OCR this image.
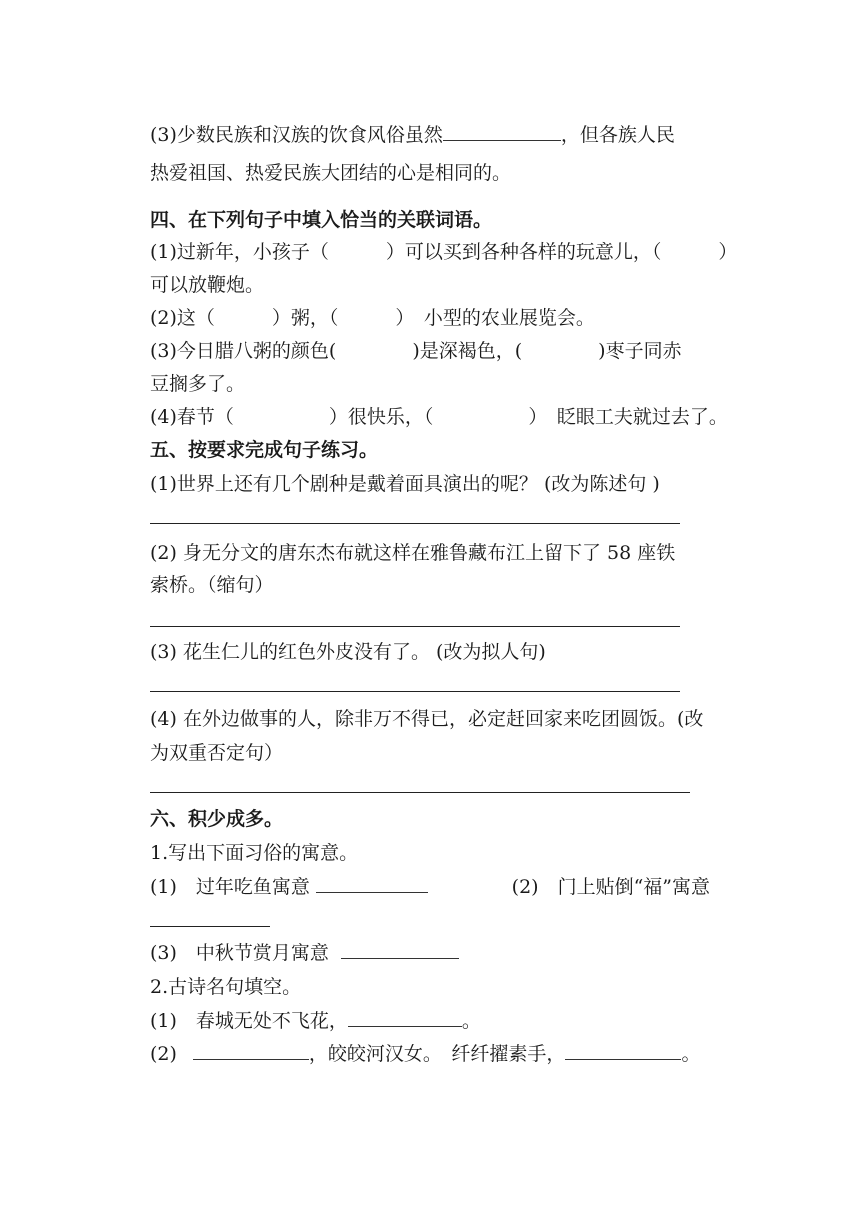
(3)少数民族和汉族的饮食风俗虽然	，但各族人民
热爱祖国、热爱民族大团结的心是相同的。
四、在下列句子中填入恰当的关联词语。
(1)过新年，小孩子（　　　）可以买到各种各样的玩意儿，（　　　）
可以放鞭炮。
(2)这（　　　）粥，（　　　）　小型的农业展览会。
(3)今日腊八粥的颜色(　　　　)是深褐色，(　　　　)枣子同赤
豆搁多了。
(4)春节（　　　　　）很快乐，（　　　　　）　眨眼工夫就过去了。
五、按要求完成句子练习。
(1)世界上还有几个剧种是戴着面具演出的呢？ (改为陈述句 )
(2) 身无分文的唐东杰布就这样在雅鲁藏布江上留下了 58 座铁
索桥。（缩句）
(3) 花生仁儿的红色外皮没有了。 (改为拟人句)
(4) 在外边做事的人，除非万不得已，必定赶回家来吃团圆饭。(改
为双重否定句）
六、积少成多。
1.写出下面习俗的寓意。
(1)　过年吃鱼寓意	(2)　门上贴倒“福”寓意
(3)　中秋节赏月寓意
2.古诗名句填空。
(1)　春城无处不飞花，	。
(2)	，皎皎河汉女。　纤纤擢素手，	。
